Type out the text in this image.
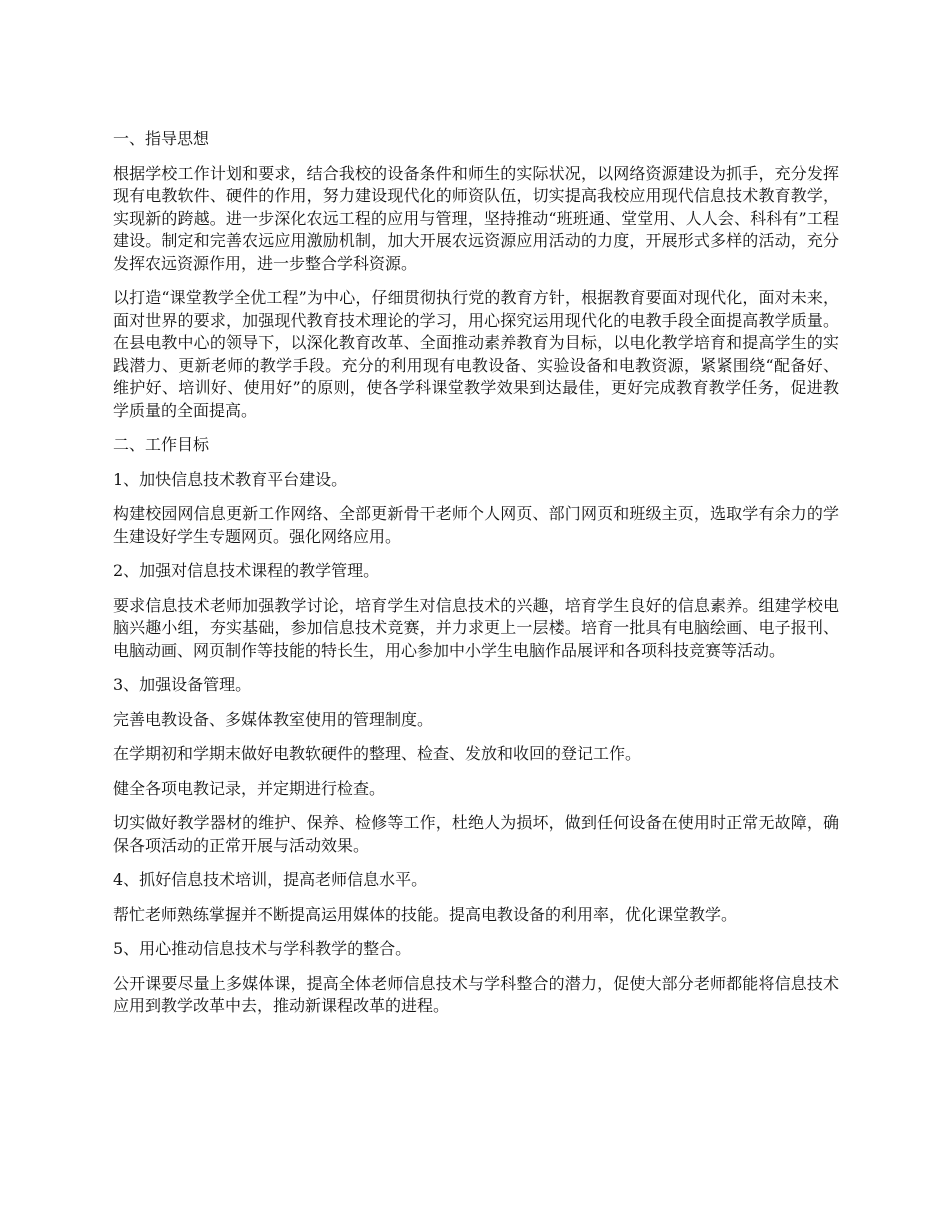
一、指导思想

根据学校工作计划和要求，结合我校的设备条件和师生的实际状况，以网络资源建设为抓手，充分发挥现有电教软件、硬件的作用，努力建设现代化的师资队伍，切实提高我校应用现代信息技术教育教学，实现新的跨越。进一步深化农远工程的应用与管理，坚持推动“班班通、堂堂用、人人会、科科有”工程建设。制定和完善农远应用激励机制，加大开展农远资源应用活动的力度，开展形式多样的活动，充分发挥农远资源作用，进一步整合学科资源。

以打造“课堂教学全优工程”为中心，仔细贯彻执行党的教育方针，根据教育要面对现代化，面对未来，面对世界的要求，加强现代教育技术理论的学习，用心探究运用现代化的电教手段全面提高教学质量。在县电教中心的领导下，以深化教育改革、全面推动素养教育为目标，以电化教学培育和提高学生的实践潜力、更新老师的教学手段。充分的利用现有电教设备、实验设备和电教资源，紧紧围绕“配备好、维护好、培训好、使用好”的原则，使各学科课堂教学效果到达最佳，更好完成教育教学任务，促进教学质量的全面提高。

二、工作目标

1、加快信息技术教育平台建设。

构建校园网信息更新工作网络、全部更新骨干老师个人网页、部门网页和班级主页，选取学有余力的学生建设好学生专题网页。强化网络应用。

2、加强对信息技术课程的教学管理。

要求信息技术老师加强教学讨论，培育学生对信息技术的兴趣，培育学生良好的信息素养。组建学校电脑兴趣小组，夯实基础，参加信息技术竞赛，并力求更上一层楼。培育一批具有电脑绘画、电子报刊、电脑动画、网页制作等技能的特长生，用心参加中小学生电脑作品展评和各项科技竞赛等活动。

3、加强设备管理。

完善电教设备、多媒体教室使用的管理制度。

在学期初和学期末做好电教软硬件的整理、检查、发放和收回的登记工作。

健全各项电教记录，并定期进行检查。

切实做好教学器材的维护、保养、检修等工作，杜绝人为损坏，做到任何设备在使用时正常无故障，确保各项活动的正常开展与活动效果。

4、抓好信息技术培训，提高老师信息水平。

帮忙老师熟练掌握并不断提高运用媒体的技能。提高电教设备的利用率，优化课堂教学。

5、用心推动信息技术与学科教学的整合。

公开课要尽量上多媒体课，提高全体老师信息技术与学科整合的潜力，促使大部分老师都能将信息技术应用到教学改革中去，推动新课程改革的进程。
